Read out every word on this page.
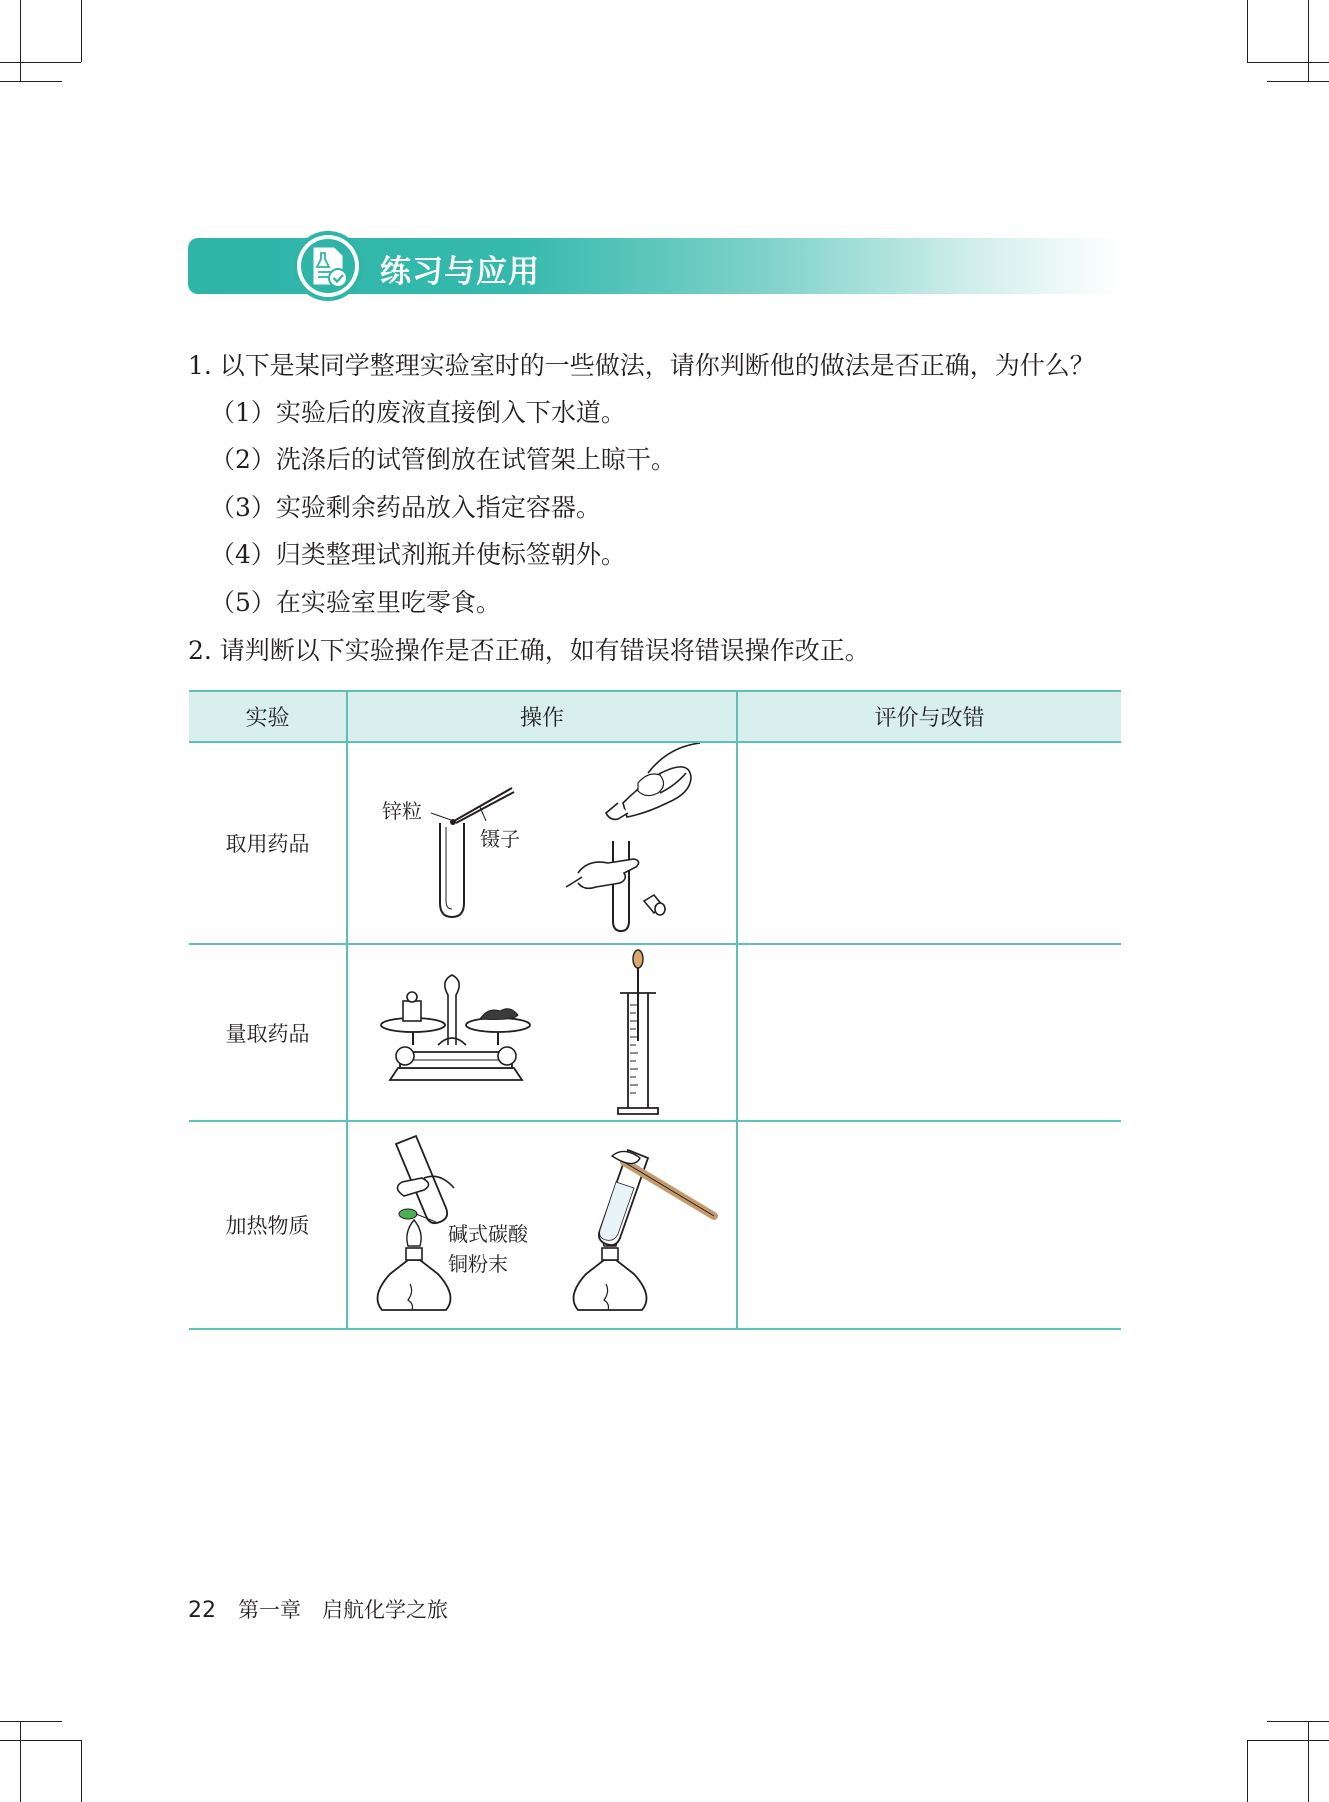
练习与应用
1. 以下是某同学整理实验室时的一些做法，请你判断他的做法是否正确，为什么？
（1）实验后的废液直接倒入下水道。
（2）洗涤后的试管倒放在试管架上晾干。
（3）实验剩余药品放入指定容器。
（4）归类整理试剂瓶并使标签朝外。
（5）在实验室里吃零食。
2. 请判断以下实验操作是否正确，如有错误将错误操作改正。
实验	操作	评价与改错
取用药品	锌粒
镊子	

量取药品	

加热物质	碱式碳酸
铜粉末	

22 第一章　启航化学之旅
